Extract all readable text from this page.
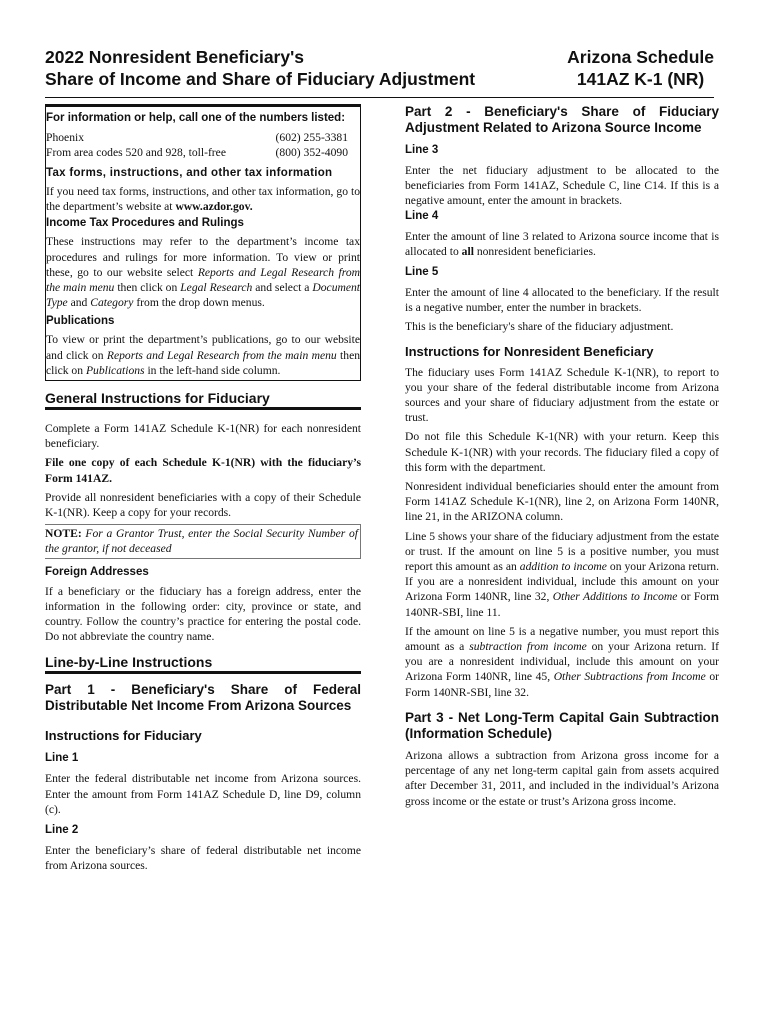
2022 Nonresident Beneficiary's
Share of Income and Share of Fiduciary Adjustment
Arizona Schedule
141AZ K-1 (NR)

For information or help, call one of the numbers listed:

Phoenix	(602) 255-3381
From area codes 520 and 928, toll-free	(800) 352-4090

Tax forms, instructions, and other tax information

If you need tax forms, instructions, and other tax information, go to the department’s website at www.azdor.gov.

Income Tax Procedures and Rulings

These instructions may refer to the department’s income tax procedures and rulings for more information. To view or print these, go to our website select Reports and Legal Research from the main menu then click on Legal Research and select a Document Type and Category from the drop down menus.

Publications

To view or print the department’s publications, go to our website and click on Reports and Legal Research from the main menu then click on Publications in the left-hand side column.

General Instructions for Fiduciary

Complete a Form 141AZ Schedule K-1(NR) for each nonresident beneficiary.

File one copy of each Schedule K-1(NR) with the fiduciary’s Form 141AZ.

Provide all nonresident beneficiaries with a copy of their Schedule K-1(NR). Keep a copy for your records.

NOTE: For a Grantor Trust, enter the Social Security Number of the grantor, if not deceased

Foreign Addresses

If a beneficiary or the fiduciary has a foreign address, enter the information in the following order: city, province or state, and country. Follow the country’s practice for entering the postal code. Do not abbreviate the country name.

Line-by-Line Instructions

Part 1 - Beneficiary's Share of Federal Distributable Net Income From Arizona Sources

Instructions for Fiduciary

Line 1

Enter the federal distributable net income from Arizona sources. Enter the amount from Form 141AZ Schedule D, line D9, column (c).

Line 2

Enter the beneficiary’s share of federal distributable net income from Arizona sources.

Part 2 - Beneficiary's Share of Fiduciary Adjustment Related to Arizona Source Income

Line 3

Enter the net fiduciary adjustment to be allocated to the beneficiaries from Form 141AZ, Schedule C, line C14. If this is a negative amount, enter the amount in brackets.

Line 4

Enter the amount of line 3 related to Arizona source income that is allocated to all nonresident beneficiaries.

Line 5

Enter the amount of line 4 allocated to the beneficiary. If the result is a negative number, enter the number in brackets.

This is the beneficiary's share of the fiduciary adjustment.

Instructions for Nonresident Beneficiary

The fiduciary uses Form 141AZ Schedule K-1(NR), to report to you your share of the federal distributable income from Arizona sources and your share of fiduciary adjustment from the estate or trust.

Do not file this Schedule K-1(NR) with your return. Keep this Schedule K-1(NR) with your records. The fiduciary filed a copy of this form with the department.

Nonresident individual beneficiaries should enter the amount from Form 141AZ Schedule K-1(NR), line 2, on Arizona Form 140NR, line 21, in the ARIZONA column.

Line 5 shows your share of the fiduciary adjustment from the estate or trust. If the amount on line 5 is a positive number, you must report this amount as an addition to income on your Arizona return. If you are a nonresident individual, include this amount on your Arizona Form 140NR, line 32, Other Additions to Income or Form 140NR-SBI, line 11.

If the amount on line 5 is a negative number, you must report this amount as a subtraction from income on your Arizona return. If you are a nonresident individual, include this amount on your Arizona Form 140NR, line 45, Other Subtractions from Income or Form 140NR-SBI, line 32.

Part 3 - Net Long-Term Capital Gain Subtraction (Information Schedule)

Arizona allows a subtraction from Arizona gross income for a percentage of any net long-term capital gain from assets acquired after December 31, 2011, and included in the individual’s Arizona gross income or the estate or trust’s Arizona gross income.
